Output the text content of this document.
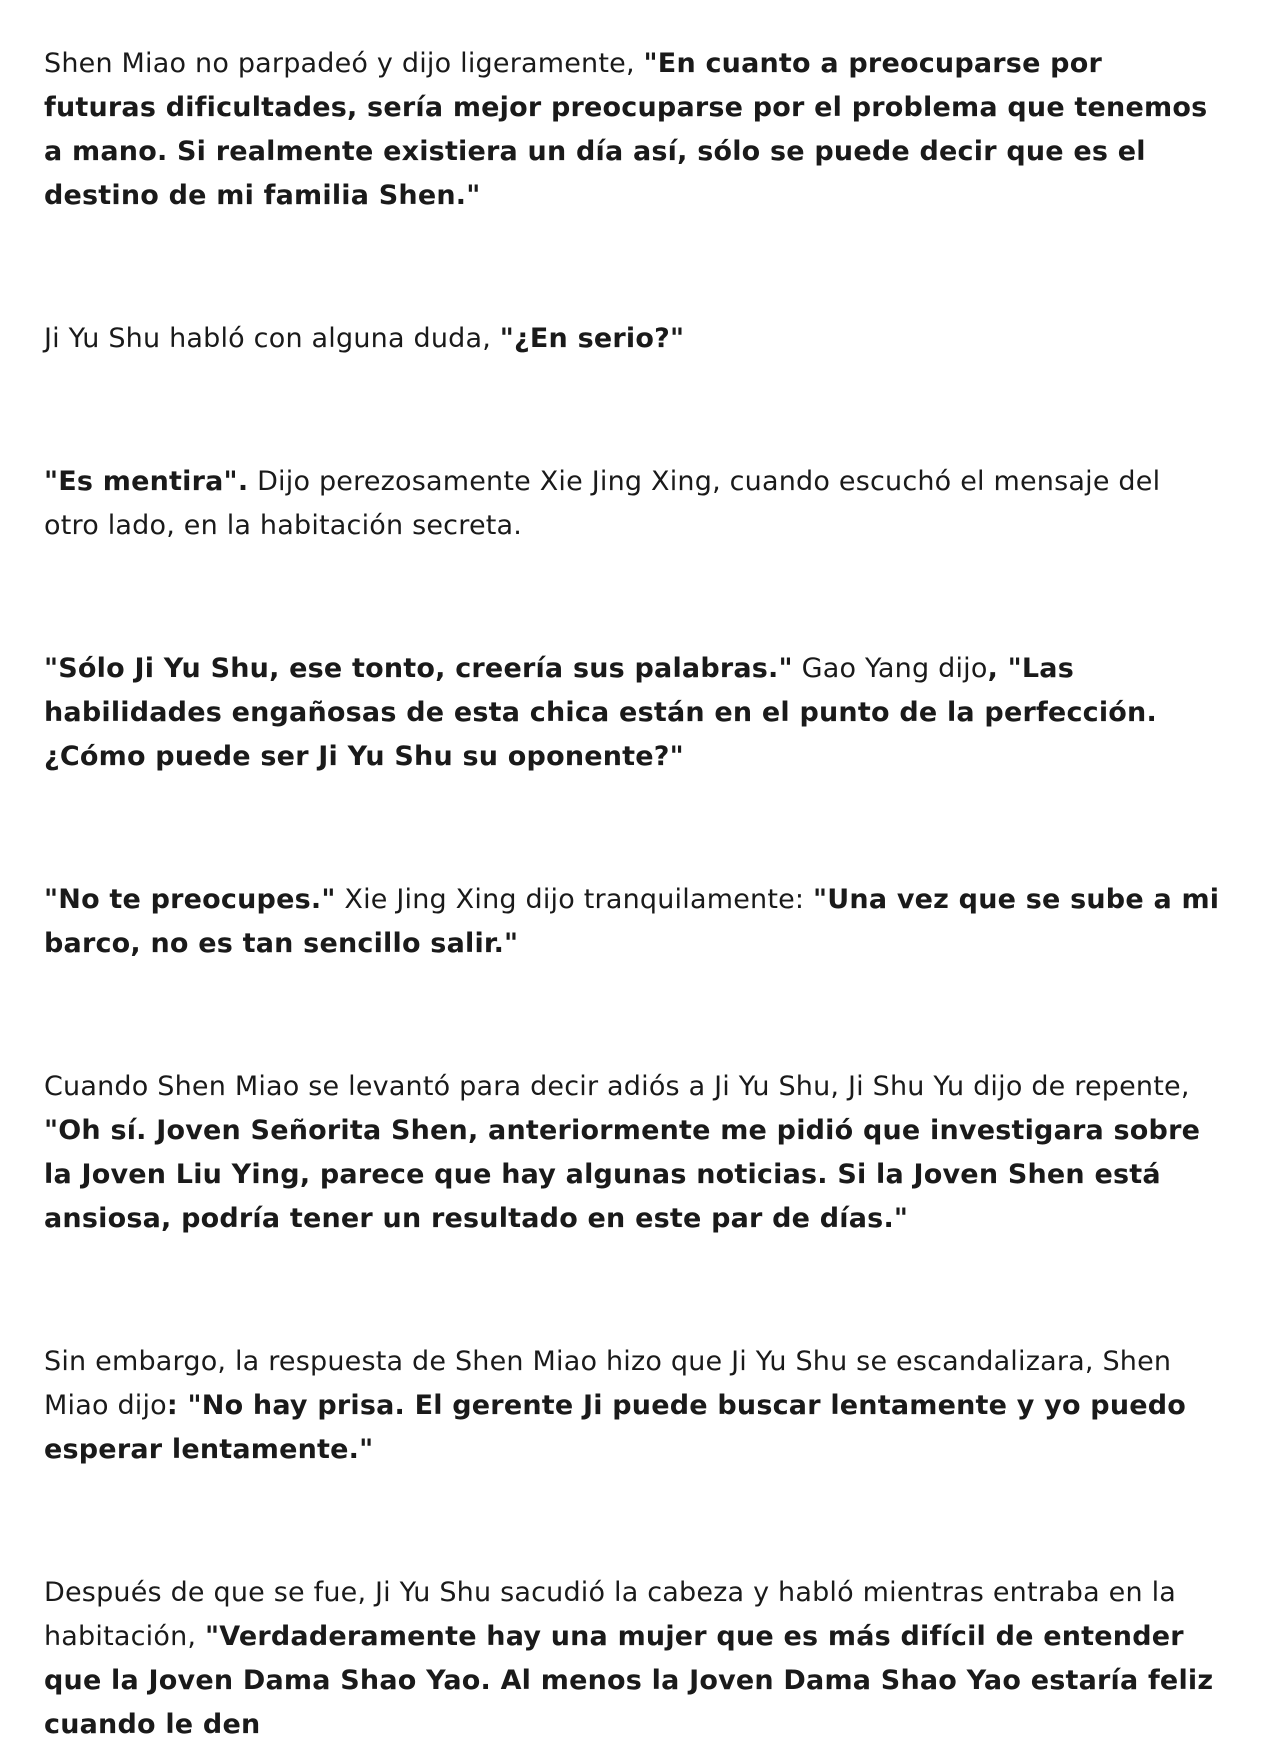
Shen Miao no parpadeó y dijo ligeramente, "En cuanto a preocuparse por futuras dificultades, sería mejor preocuparse por el problema que tenemos a mano. Si realmente existiera un día así, sólo se puede decir que es el destino de mi familia Shen."

Ji Yu Shu habló con alguna duda, "¿En serio?"

"Es mentira". Dijo perezosamente Xie Jing Xing, cuando escuchó el mensaje del otro lado, en la habitación secreta.

"Sólo Ji Yu Shu, ese tonto, creería sus palabras." Gao Yang dijo, "Las habilidades engañosas de esta chica están en el punto de la perfección. ¿Cómo puede ser Ji Yu Shu su oponente?"

"No te preocupes." Xie Jing Xing dijo tranquilamente: "Una vez que se sube a mi barco, no es tan sencillo salir."

Cuando Shen Miao se levantó para decir adiós a Ji Yu Shu, Ji Shu Yu dijo de repente, "Oh sí. Joven Señorita Shen, anteriormente me pidió que investigara sobre la Joven Liu Ying, parece que hay algunas noticias. Si la Joven Shen está ansiosa, podría tener un resultado en este par de días."

Sin embargo, la respuesta de Shen Miao hizo que Ji Yu Shu se escandalizara, Shen Miao dijo: "No hay prisa. El gerente Ji puede buscar lentamente y yo puedo esperar lentamente."

Después de que se fue, Ji Yu Shu sacudió la cabeza y habló mientras entraba en la habitación, "Verdaderamente hay una mujer que es más difícil de entender que la Joven Dama Shao Yao. Al menos la Joven Dama Shao Yao estaría feliz cuando le den
